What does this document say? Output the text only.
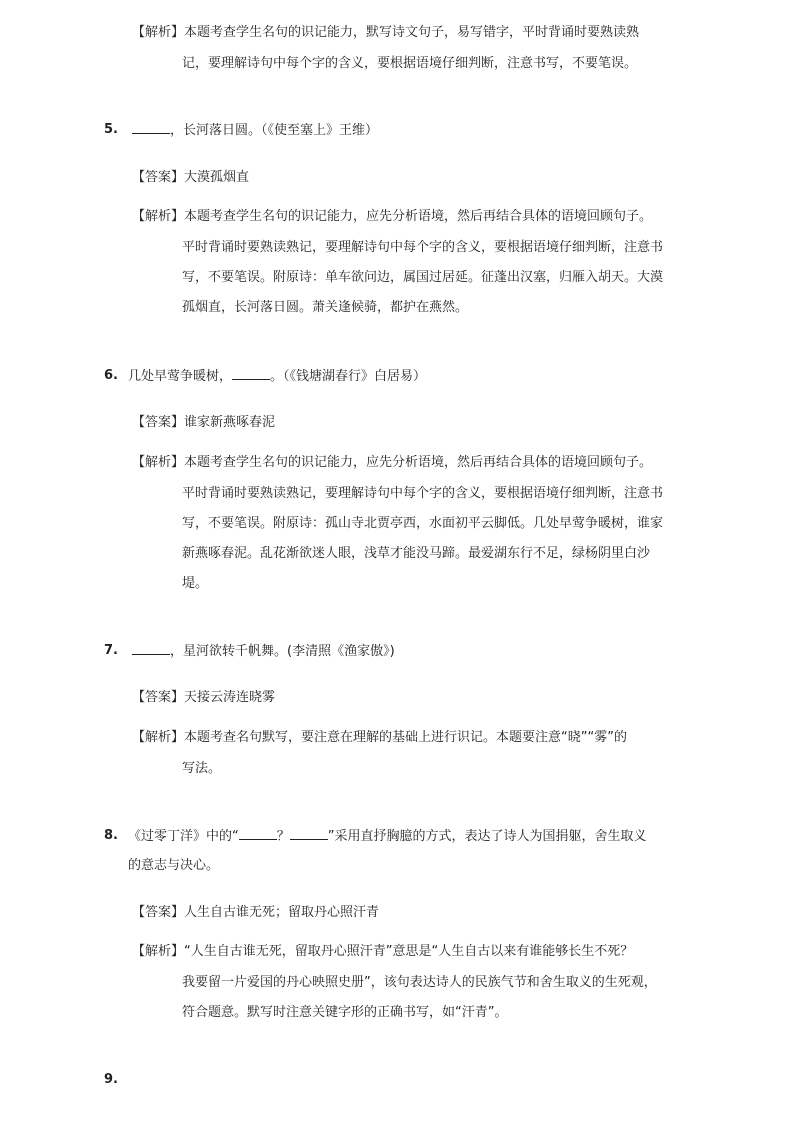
【解析】本题考查学生名句的识记能力，默写诗文句子，易写错字，平时背诵时要熟读熟
记，要理解诗句中每个字的含义，要根据语境仔细判断，注意书写，不要笔误。
5.	，长河落日圆。（《使至塞上》王维）
【答案】大漠孤烟直
【解析】本题考查学生名句的识记能力，应先分析语境，然后再结合具体的语境回顾句子。
平时背诵时要熟读熟记，要理解诗句中每个字的含义，要根据语境仔细判断，注意书
写，不要笔误。附原诗：单车欲问边，属国过居延。征蓬出汉塞，归雁入胡天。大漠
孤烟直，长河落日圆。萧关逢候骑，都护在燕然。
6. 几处早莺争暖树，	。（《钱塘湖春行》白居易）
【答案】谁家新燕啄春泥
【解析】本题考查学生名句的识记能力，应先分析语境，然后再结合具体的语境回顾句子。
平时背诵时要熟读熟记，要理解诗句中每个字的含义，要根据语境仔细判断，注意书
写，不要笔误。附原诗：孤山寺北贾亭西，水面初平云脚低。几处早莺争暖树，谁家
新燕啄春泥。乱花渐欲迷人眼，浅草才能没马蹄。最爱湖东行不足，绿杨阴里白沙
堤。
7.	，星河欲转千帆舞。(李清照《渔家傲》)
【答案】天接云涛连晓雾
【解析】本题考查名句默写，要注意在理解的基础上进行识记。本题要注意“晓”“雾”的
写法。
8. 《过零丁洋》中的“	？	”采用直抒胸臆的方式，表达了诗人为国捐躯，舍生取义
的意志与决心。
【答案】人生自古谁无死；留取丹心照汗青
【解析】“人生自古谁无死，留取丹心照汗青”意思是“人生自古以来有谁能够长生不死？
我要留一片爱国的丹心映照史册”，该句表达诗人的民族气节和舍生取义的生死观，
符合题意。默写时注意关键字形的正确书写，如“汗青”。
9.
